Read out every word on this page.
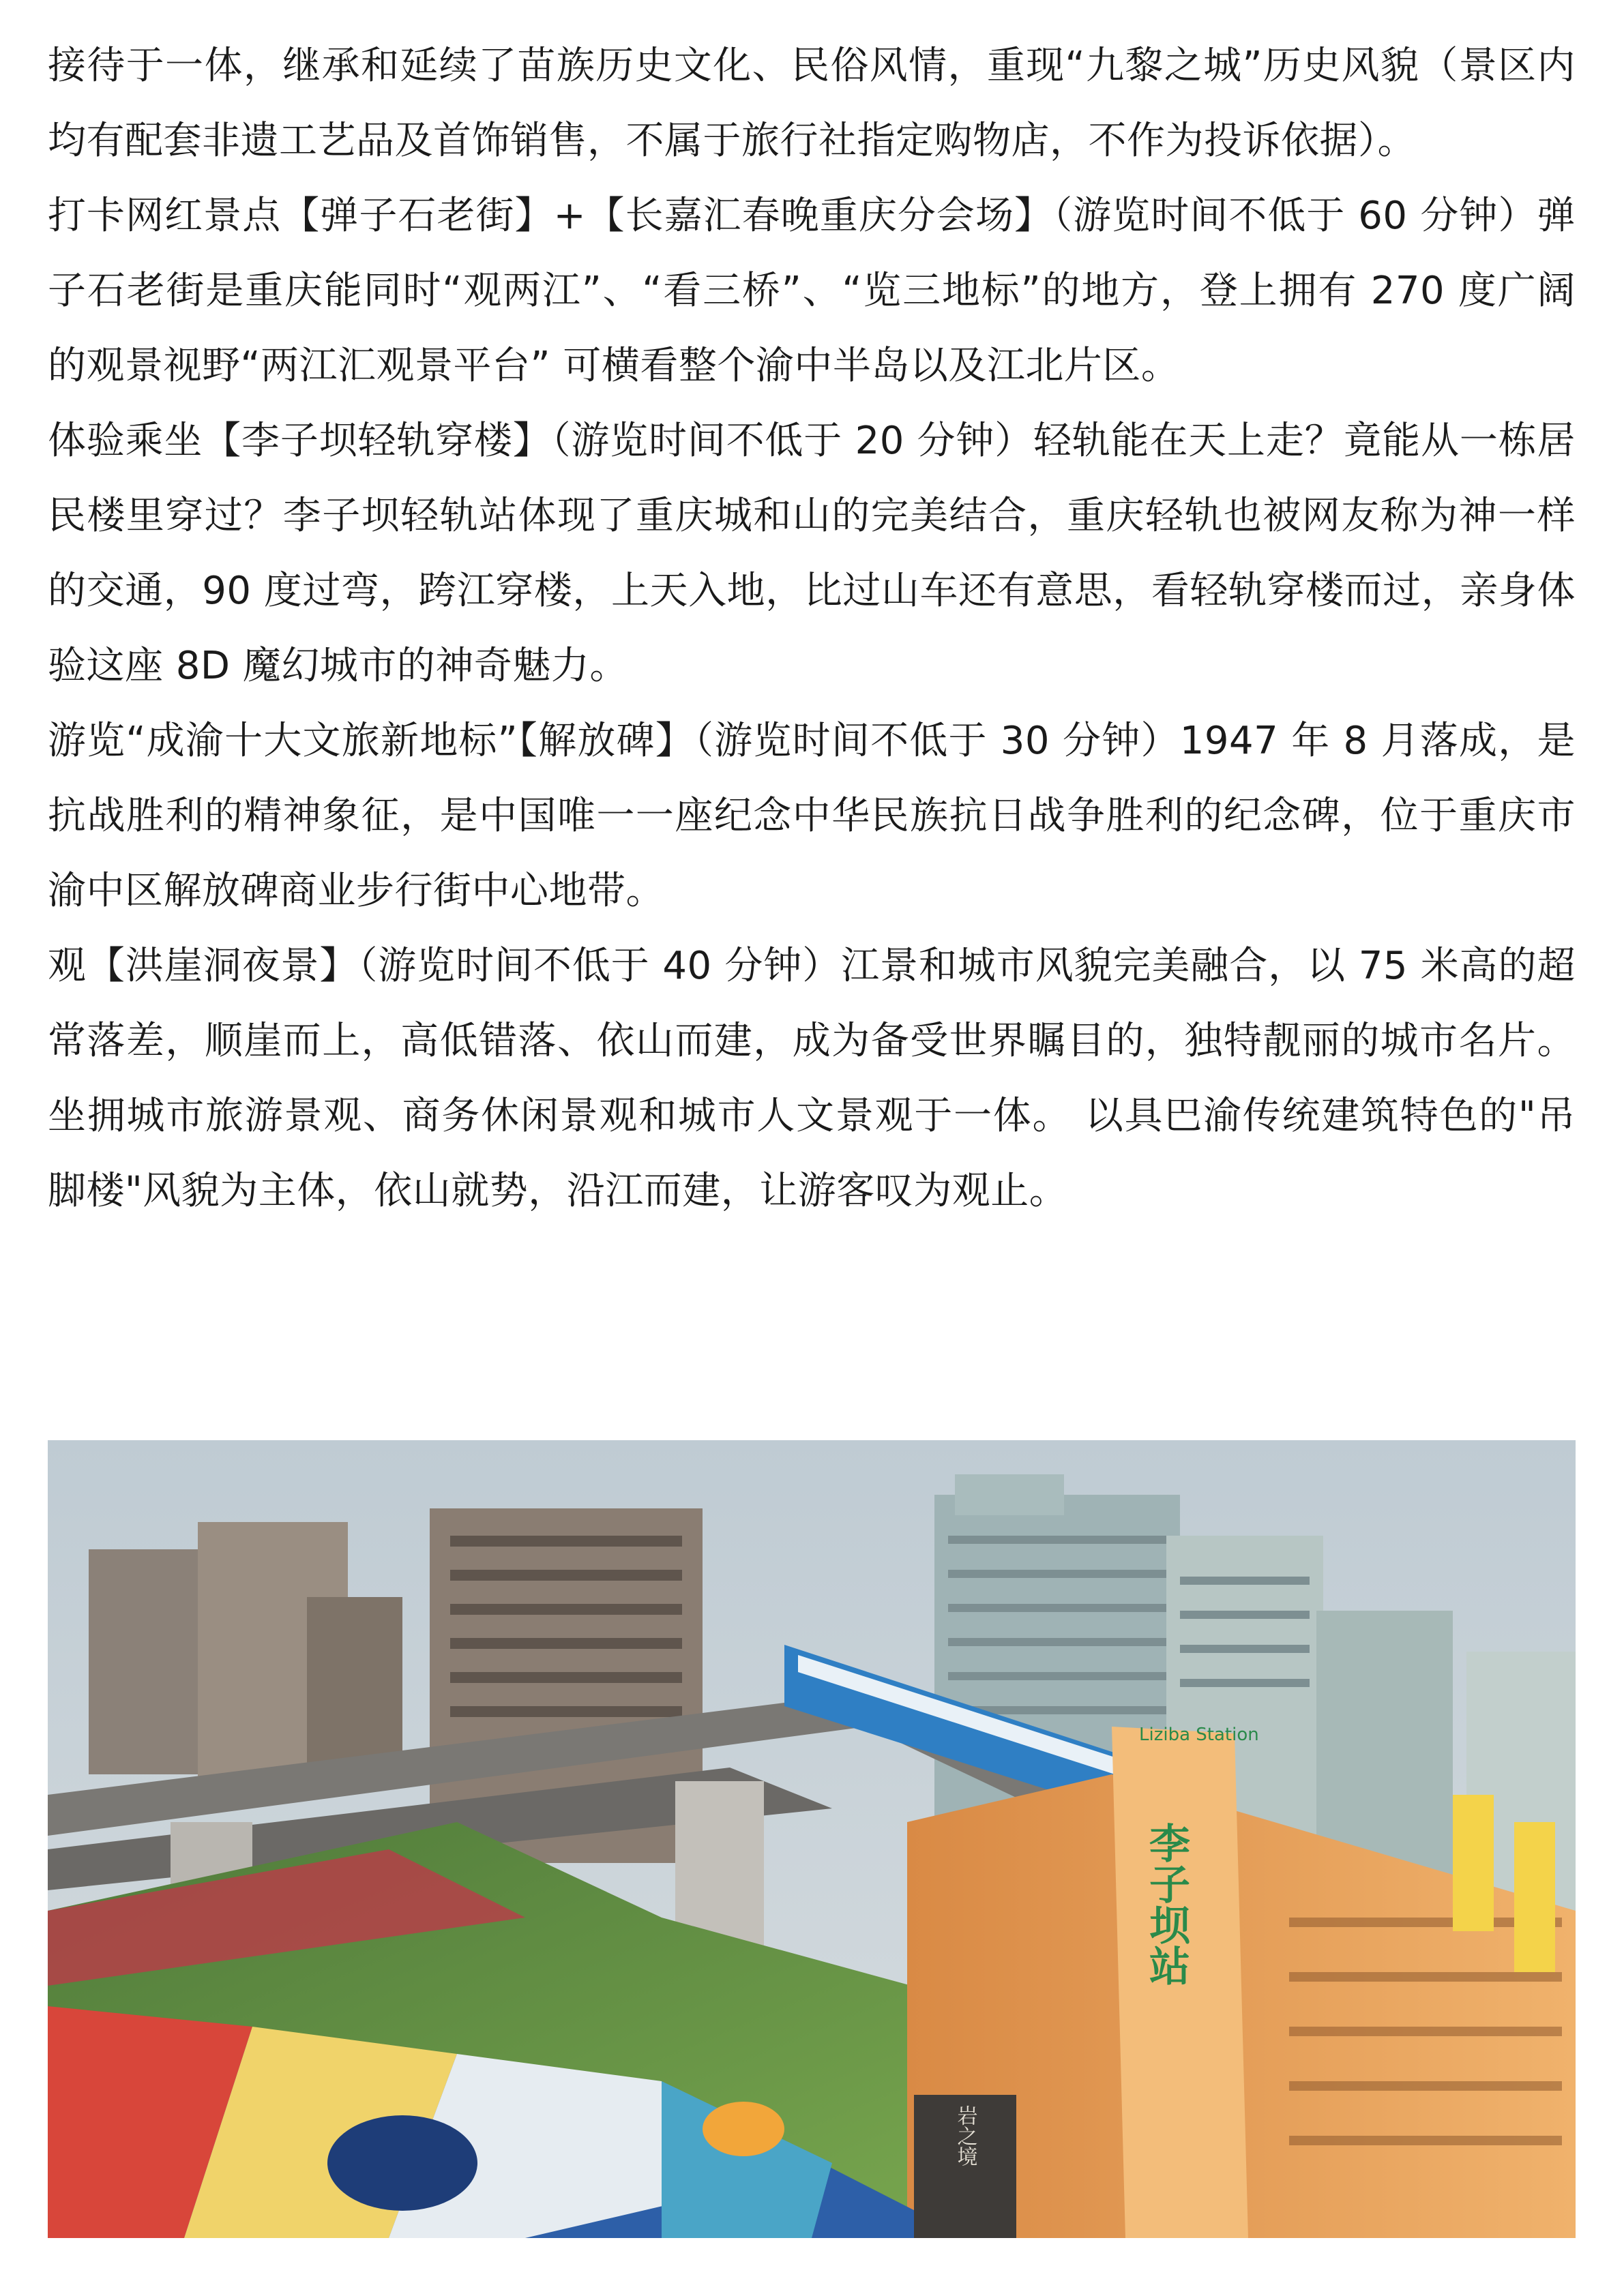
接待于一体，继承和延续了苗族历史文化、民俗风情，重现“九黎之城”历史风貌（景区内均有配套非遗工艺品及首饰销售，不属于旅行社指定购物店，不作为投诉依据）。

打卡网红景点【弹子石老街】+【长嘉汇春晚重庆分会场】（游览时间不低于 60 分钟）弹子石老街是重庆能同时“观两江”、“看三桥”、“览三地标”的地方，登上拥有 270 度广阔的观景视野“两江汇观景平台” 可横看整个渝中半岛以及江北片区。

体验乘坐【李子坝轻轨穿楼】（游览时间不低于 20 分钟）轻轨能在天上走？竟能从一栋居民楼里穿过？李子坝轻轨站体现了重庆城和山的完美结合，重庆轻轨也被网友称为神一样的交通，90 度过弯，跨江穿楼，上天入地，比过山车还有意思，看轻轨穿楼而过，亲身体验这座 8D 魔幻城市的神奇魅力。

游览“成渝十大文旅新地标”【解放碑】（游览时间不低于 30 分钟）1947 年 8 月落成，是抗战胜利的精神象征，是中国唯一一座纪念中华民族抗日战争胜利的纪念碑，位于重庆市渝中区解放碑商业步行街中心地带。

观【洪崖洞夜景】（游览时间不低于 40 分钟）江景和城市风貌完美融合，以 75 米高的超常落差，顺崖而上，高低错落、依山而建，成为备受世界瞩目的，独特靓丽的城市名片。坐拥城市旅游景观、商务休闲景观和城市人文景观于一体。 以具巴渝传统建筑特色的"吊脚楼"风貌为主体，依山就势，沿江而建，让游客叹为观止。

李子坝站
Liziba Station
岩之境
